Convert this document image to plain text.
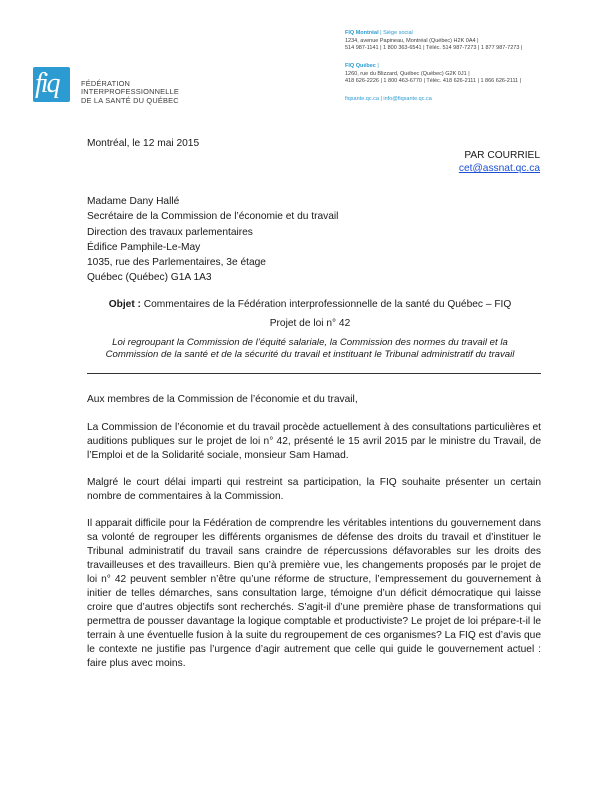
fiq	FÉDÉRATION
INTERPROFESSIONNELLE
DE LA SANTÉ DU QUÉBEC
FIQ Montréal | Siège social
1234, avenue Papineau, Montréal (Québec) H2K 0A4 |
514 987-1141 | 1 800 363-6541 | Téléc. 514 987-7273 | 1 877 987-7273 |
FIQ Québec |
1260, rue du Blizzard, Québec (Québec) G2K 0J1 |
418 626-2226 | 1 800 463-6770 | Téléc. 418 626-2111 | 1 866 626-2111 |
fiqsante.qc.ca | info@fiqsante.qc.ca
Montréal, le 12 mai 2015
PAR COURRIEL
cet@assnat.qc.ca
Madame Dany Hallé
Secrétaire de la Commission de l’économie et du travail
Direction des travaux parlementaires
Édifice Pamphile-Le-May
1035, rue des Parlementaires, 3e étage
Québec (Québec) G1A 1A3
Objet : Commentaires de la Fédération interprofessionnelle de la santé du Québec – FIQ
Projet de loi n° 42
Loi regroupant la Commission de l’équité salariale, la Commission des normes du travail et la
Commission de la santé et de la sécurité du travail et instituant le Tribunal administratif du travail
Aux membres de la Commission de l’économie et du travail,
La Commission de l’économie et du travail procède actuellement à des consultations particulières et auditions publiques sur le projet de loi n° 42, présenté le 15 avril 2015 par le ministre du Travail, de l’Emploi et de la Solidarité sociale, monsieur Sam Hamad.
Malgré le court délai imparti qui restreint sa participation, la FIQ souhaite présenter un certain nombre de commentaires à la Commission.
Il apparait difficile pour la Fédération de comprendre les véritables intentions du gouvernement dans sa volonté de regrouper les différents organismes de défense des droits du travail et d’instituer le Tribunal administratif du travail sans craindre de répercussions défavorables sur les droits des travailleuses et des travailleurs. Bien qu’à première vue, les changements proposés par le projet de loi n° 42 peuvent sembler n’être qu’une réforme de structure, l’empressement du gouvernement à initier de telles démarches, sans consultation large, témoigne d’un déficit démocratique qui laisse croire que d’autres objectifs sont recherchés. S’agit-il d’une première phase de transformations qui permettra de pousser davantage la logique comptable et productiviste? Le projet de loi prépare-t-il le terrain à une éventuelle fusion à la suite du regroupement de ces organismes? La FIQ est d’avis que le contexte ne justifie pas l’urgence d’agir autrement que celle qui guide le gouvernement actuel : faire plus avec moins.
